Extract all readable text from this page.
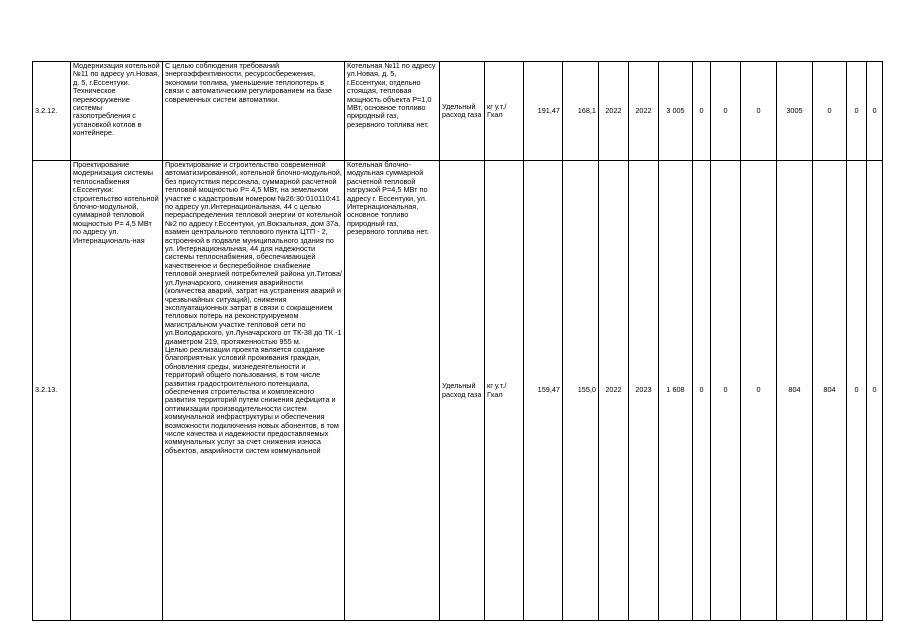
3.2.12.	Модернизация котельной №11 по адресу ул.Новая, д. 5, г.Ессентуки. Техническое перевооружение системы газопотребления с установкой котлов в контейнере.	С целью соблюдения требований энергоэффективности, ресурсосбережения, экономии топлива, уменьшение теплопотерь в связи с автоматическим регулированием на базе современных систем автоматики.	Котельная №11 по адресу ул.Новая, д. 5, г.Ессентуки, отдельно стоящая, тепловая мощность объекта Р=1,0 МВт, основное топливо природный газ, резервного топлива нет.	Удельный расход газа	кг у.т./Гкал	191,47	168,1	2022	2022	3 005	0	0	0	3005	0	0	0
3.2.13.	Проектирование модернизация системы теплоснабжения г.Ессентуки: строительство котельной блочно-модульной, суммарной тепловой мощностью Р= 4,5 МВт по адресу ул. Интернациональ-ная	Проектирование и строительство современной автоматизированной, котельной блочно-модульной, без присутствия персонала, суммарной расчетной тепловой мощностью Р= 4,5 МВт, на земельном участке с кадастровым номером №26:30:010110:41 по адресу ул.Интернациональная, 44 с целью перераспределения тепловой энергии от котельной №2 по адресу г.Ессентуки, ул.Вокзальная, дом 37а, взамен центрального теплового пункта ЦТП - 2, встроенной в подвале муниципального здания по ул. Интернациональная, 44 для надежности системы теплоснабжения, обеспечивающей качественное и бесперебойное снабжение тепловой энергией потребителей района ул.Титова/ул.Луначарского, снижения аварийности (количества аварий, затрат на устранения аварий и чрезвычайных ситуаций), снижения эксплуатационных затрат в связи с сокращением тепловых потерь на реконструируемом магистральном участке тепловой сети по ул.Володарского, ул.Луначарского от ТК-38 до ТК -1 диаметром 219, протяженностью 955 м.
Целью реализации проекта является создание благоприятных условий проживания граждан, обновления среды, жизнедеятельности и территорий общего пользования, в том числе развития градостроительного потенциала, обеспечения строительства и комплексного развития территорий путем снижения дефицита и оптимизации производительности систем коммунальной инфраструктуры и обеспечения возможности подключения новых абонентов, в том числе качества и надежности предоставляемых коммунальных услуг за счет снижения износа объектов, аварийности систем коммунальной	Котельная блочно-модульная суммарной расчетной тепловой нагрузкой Р=4,5 МВт по адресу г. Ессентуки, ул. Интернациональная, основное топливо природный газ, резервного топлива нет.	Удельный расход газа	кг у.т./Гкал	159,47	155,0	2022	2023	1 608	0	0	0	804	804	0	0
